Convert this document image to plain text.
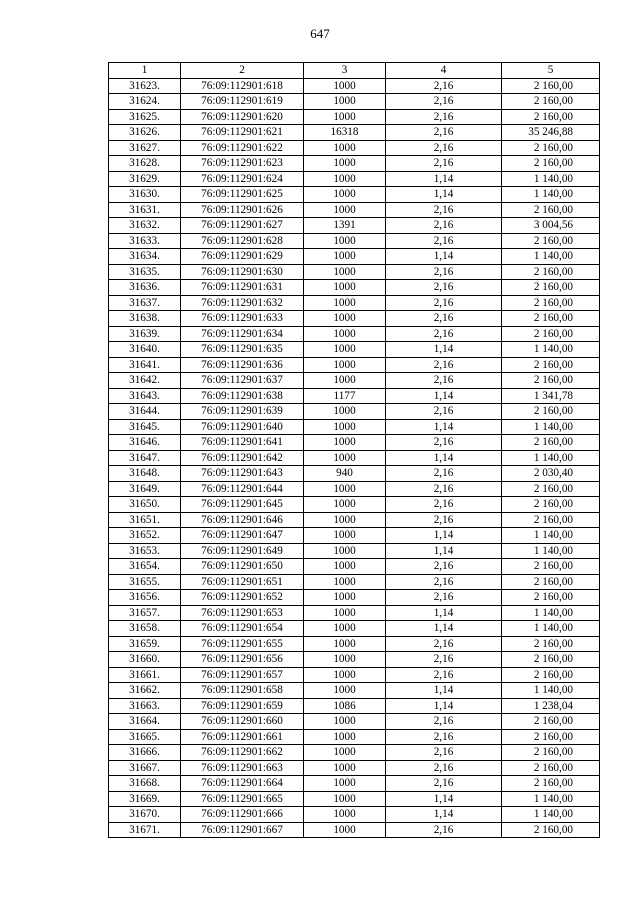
647
1	2	3	4	5
31623.	76:09:112901:618	1000	2,16	2 160,00
31624.	76:09:112901:619	1000	2,16	2 160,00
31625.	76:09:112901:620	1000	2,16	2 160,00
31626.	76:09:112901:621	16318	2,16	35 246,88
31627.	76:09:112901:622	1000	2,16	2 160,00
31628.	76:09:112901:623	1000	2,16	2 160,00
31629.	76:09:112901:624	1000	1,14	1 140,00
31630.	76:09:112901:625	1000	1,14	1 140,00
31631.	76:09:112901:626	1000	2,16	2 160,00
31632.	76:09:112901:627	1391	2,16	3 004,56
31633.	76:09:112901:628	1000	2,16	2 160,00
31634.	76:09:112901:629	1000	1,14	1 140,00
31635.	76:09:112901:630	1000	2,16	2 160,00
31636.	76:09:112901:631	1000	2,16	2 160,00
31637.	76:09:112901:632	1000	2,16	2 160,00
31638.	76:09:112901:633	1000	2,16	2 160,00
31639.	76:09:112901:634	1000	2,16	2 160,00
31640.	76:09:112901:635	1000	1,14	1 140,00
31641.	76:09:112901:636	1000	2,16	2 160,00
31642.	76:09:112901:637	1000	2,16	2 160,00
31643.	76:09:112901:638	1177	1,14	1 341,78
31644.	76:09:112901:639	1000	2,16	2 160,00
31645.	76:09:112901:640	1000	1,14	1 140,00
31646.	76:09:112901:641	1000	2,16	2 160,00
31647.	76:09:112901:642	1000	1,14	1 140,00
31648.	76:09:112901:643	940	2,16	2 030,40
31649.	76:09:112901:644	1000	2,16	2 160,00
31650.	76:09:112901:645	1000	2,16	2 160,00
31651.	76:09:112901:646	1000	2,16	2 160,00
31652.	76:09:112901:647	1000	1,14	1 140,00
31653.	76:09:112901:649	1000	1,14	1 140,00
31654.	76:09:112901:650	1000	2,16	2 160,00
31655.	76:09:112901:651	1000	2,16	2 160,00
31656.	76:09:112901:652	1000	2,16	2 160,00
31657.	76:09:112901:653	1000	1,14	1 140,00
31658.	76:09:112901:654	1000	1,14	1 140,00
31659.	76:09:112901:655	1000	2,16	2 160,00
31660.	76:09:112901:656	1000	2,16	2 160,00
31661.	76:09:112901:657	1000	2,16	2 160,00
31662.	76:09:112901:658	1000	1,14	1 140,00
31663.	76:09:112901:659	1086	1,14	1 238,04
31664.	76:09:112901:660	1000	2,16	2 160,00
31665.	76:09:112901:661	1000	2,16	2 160,00
31666.	76:09:112901:662	1000	2,16	2 160,00
31667.	76:09:112901:663	1000	2,16	2 160,00
31668.	76:09:112901:664	1000	2,16	2 160,00
31669.	76:09:112901:665	1000	1,14	1 140,00
31670.	76:09:112901:666	1000	1,14	1 140,00
31671.	76:09:112901:667	1000	2,16	2 160,00
